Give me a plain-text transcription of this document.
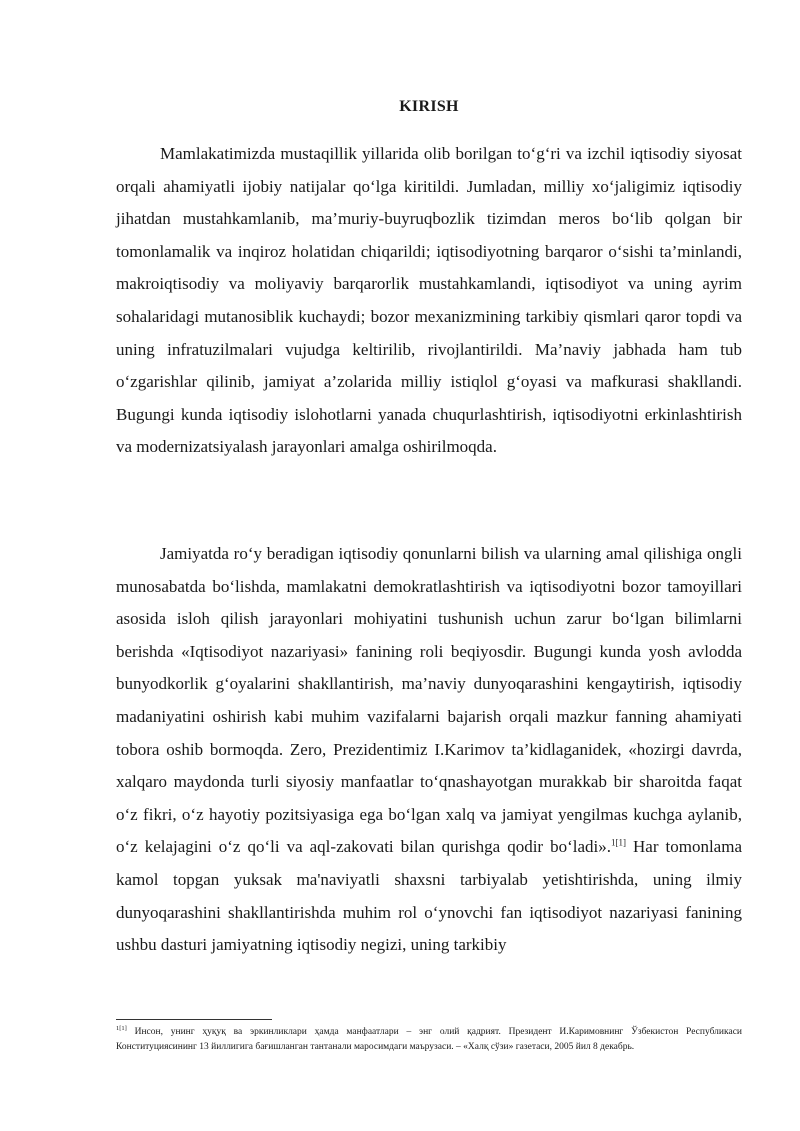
KIRISH

Mamlakatimizda mustaqillik yillarida olib borilgan to‘g‘ri va izchil iqtisodiy siyosat orqali ahamiyatli ijobiy natijalar qo‘lga kiritildi. Jumladan, milliy xo‘jaligimiz iqtisodiy jihatdan mustahkamlanib, ma’muriy-buyruqbozlik tizimdan meros bo‘lib qolgan bir tomonlamalik va inqiroz holatidan chiqarildi; iqtisodiyotning barqaror o‘sishi ta’minlandi, makroiqtisodiy va moliyaviy barqarorlik mustahkamlandi, iqtisodiyot va uning ayrim sohalaridagi mutanosiblik kuchaydi; bozor mexanizmining tarkibiy qismlari qaror topdi va uning infratuzilmalari vujudga keltirilib, rivojlantirildi. Ma’naviy jabhada ham tub o‘zgarishlar qilinib, jamiyat a’zolarida milliy istiqlol g‘oyasi va mafkurasi shakllandi. Bugungi kunda iqtisodiy islohotlarni yanada chuqurlashtirish, iqtisodiyotni erkinlashtirish va modernizatsiyalash jarayonlari amalga oshirilmoqda.

Jamiyatda ro‘y beradigan iqtisodiy qonunlarni bilish va ularning amal qilishiga ongli munosabatda bo‘lishda, mamlakatni demokratlashtirish va iqtisodiyotni bozor tamoyillari asosida isloh qilish jarayonlari mohiyatini tushunish uchun zarur bo‘lgan bilimlarni berishda «Iqtisodiyot nazariyasi» fanining roli beqiyosdir. Bugungi kunda yosh avlodda bunyodkorlik g‘oyalarini shakllantirish, ma’naviy dunyoqarashini kengaytirish, iqtisodiy madaniyatini oshirish kabi muhim vazifalarni bajarish orqali mazkur fanning ahamiyati tobora oshib bormoqda. Zero, Prezidentimiz I.Karimov ta’kidlaganidek, «hozirgi davrda, xalqaro maydonda turli siyosiy manfaatlar to‘qnashayotgan murakkab bir sharoitda faqat o‘z fikri, o‘z hayotiy pozitsiyasiga ega bo‘lgan xalq va jamiyat yengilmas kuchga aylanib, o‘z kelajagini o‘z qo‘li va aql-zakovati bilan qurishga qodir bo‘ladi».$^{1[1]}$ Har tomonlama kamol topgan yuksak ma'naviyatli shaxsni tarbiyalab yetishtirishda, uning ilmiy dunyoqarashini shakllantirishda muhim rol o‘ynovchi fan iqtisodiyot nazariyasi fanining ushbu dasturi jamiyatning iqtisodiy negizi, uning tarkibiy

$^{1[1]}$ Инсон, унинг ҳуқуқ ва эркинликлари ҳамда манфаатлари – энг олий қадрият. Президент И.Каримовнинг Ўзбекистон Республикаси Конституциясининг 13 йиллигига бағишланган тантанали маросимдаги маърузаси. – «Халқ сўзи» газетаси, 2005 йил 8 декабрь.
